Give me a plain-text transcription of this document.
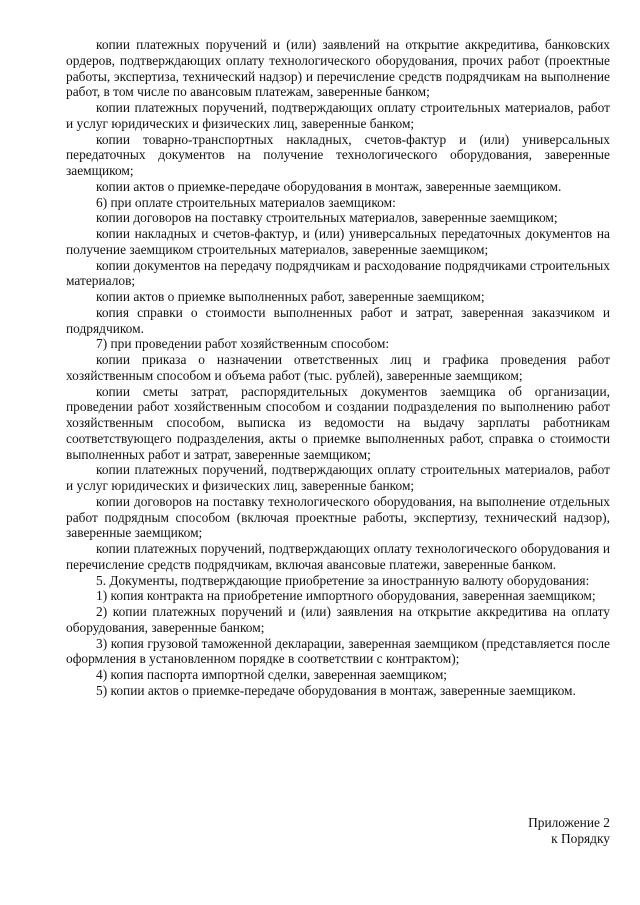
копии платежных поручений и (или) заявлений на открытие аккредитива, банковских ордеров, подтверждающих оплату технологического оборудования, прочих работ (проектные работы, экспертиза, технический надзор) и перечисление средств подрядчикам на выполнение работ, в том числе по авансовым платежам, заверенные банком;

копии платежных поручений, подтверждающих оплату строительных материалов, работ и услуг юридических и физических лиц, заверенные банком;

копии товарно-транспортных накладных, счетов-фактур и (или) универсальных передаточных документов на получение технологического оборудования, заверенные заемщиком;

копии актов о приемке-передаче оборудования в монтаж, заверенные заемщиком.

6) при оплате строительных материалов заемщиком:

копии договоров на поставку строительных материалов, заверенные заемщиком;

копии накладных и счетов-фактур, и (или) универсальных передаточных документов на получение заемщиком строительных материалов, заверенные заемщиком;

копии документов на передачу подрядчикам и расходование подрядчиками строительных материалов;

копии актов о приемке выполненных работ, заверенные заемщиком;

копия справки о стоимости выполненных работ и затрат, заверенная заказчиком и подрядчиком.

7) при проведении работ хозяйственным способом:

копии приказа о назначении ответственных лиц и графика проведения работ хозяйственным способом и объема работ (тыс. рублей), заверенные заемщиком;

копии сметы затрат, распорядительных документов заемщика об организации, проведении работ хозяйственным способом и создании подразделения по выполнению работ хозяйственным способом, выписка из ведомости на выдачу зарплаты работникам соответствующего подразделения, акты о приемке выполненных работ, справка о стоимости выполненных работ и затрат, заверенные заемщиком;

копии платежных поручений, подтверждающих оплату строительных материалов, работ и услуг юридических и физических лиц, заверенные банком;

копии договоров на поставку технологического оборудования, на выполнение отдельных работ подрядным способом (включая проектные работы, экспертизу, технический надзор), заверенные заемщиком;

копии платежных поручений, подтверждающих оплату технологического оборудования и перечисление средств подрядчикам, включая авансовые платежи, заверенные банком.

5. Документы, подтверждающие приобретение за иностранную валюту оборудования:

1) копия контракта на приобретение импортного оборудования, заверенная заемщиком;

2) копии платежных поручений и (или) заявления на открытие аккредитива на оплату оборудования, заверенные банком;

3) копия грузовой таможенной декларации, заверенная заемщиком (представляется после оформления в установленном порядке в соответствии с контрактом);

4) копия паспорта импортной сделки, заверенная заемщиком;

5) копии актов о приемке-передаче оборудования в монтаж, заверенные заемщиком.

Приложение 2
к Порядку
